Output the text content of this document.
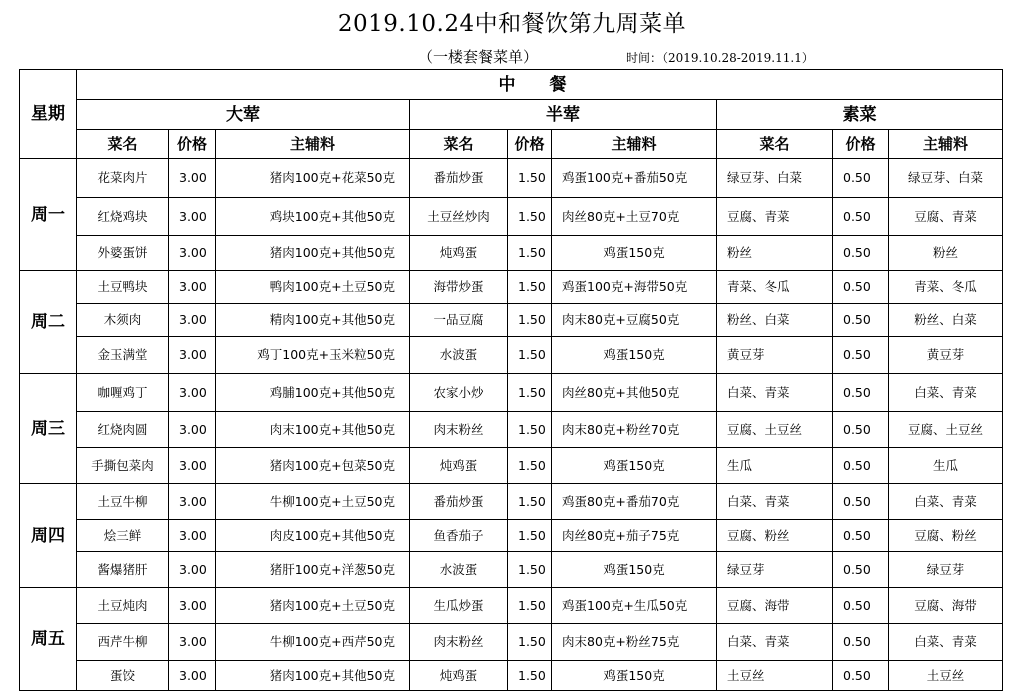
2019.10.24中和餐饮第九周菜单
（一楼套餐菜单）	时间：（2019.10.28-2019.11.1）
星期	中 餐								
	大荤			半荤			素菜		
	菜名	价格	主辅料	菜名	价格	主辅料	菜名	价格	主辅料
周一	花菜肉片	3.00	猪肉100克+花菜50克	番茄炒蛋	1.50	鸡蛋100克+番茄50克	绿豆芽、白菜	0.50	绿豆芽、白菜
	红烧鸡块	3.00	鸡块100克+其他50克	土豆丝炒肉	1.50	肉丝80克+土豆70克	豆腐、青菜	0.50	豆腐、青菜
	外婆蛋饼	3.00	猪肉100克+其他50克	炖鸡蛋	1.50	鸡蛋150克	粉丝	0.50	粉丝
周二	土豆鸭块	3.00	鸭肉100克+土豆50克	海带炒蛋	1.50	鸡蛋100克+海带50克	青菜、冬瓜	0.50	青菜、冬瓜
	木须肉	3.00	精肉100克+其他50克	一品豆腐	1.50	肉末80克+豆腐50克	粉丝、白菜	0.50	粉丝、白菜
	金玉满堂	3.00	鸡丁100克+玉米粒50克	水波蛋	1.50	鸡蛋150克	黄豆芽	0.50	黄豆芽
周三	咖喱鸡丁	3.00	鸡脯100克+其他50克	农家小炒	1.50	肉丝80克+其他50克	白菜、青菜	0.50	白菜、青菜
	红烧肉圆	3.00	肉末100克+其他50克	肉末粉丝	1.50	肉末80克+粉丝70克	豆腐、土豆丝	0.50	豆腐、土豆丝
	手撕包菜肉	3.00	猪肉100克+包菜50克	炖鸡蛋	1.50	鸡蛋150克	生瓜	0.50	生瓜
周四	土豆牛柳	3.00	牛柳100克+土豆50克	番茄炒蛋	1.50	鸡蛋80克+番茄70克	白菜、青菜	0.50	白菜、青菜
	烩三鲜	3.00	肉皮100克+其他50克	鱼香茄子	1.50	肉丝80克+茄子75克	豆腐、粉丝	0.50	豆腐、粉丝
	酱爆猪肝	3.00	猪肝100克+洋葱50克	水波蛋	1.50	鸡蛋150克	绿豆芽	0.50	绿豆芽
周五	土豆炖肉	3.00	猪肉100克+土豆50克	生瓜炒蛋	1.50	鸡蛋100克+生瓜50克	豆腐、海带	0.50	豆腐、海带
	西芹牛柳	3.00	牛柳100克+西芹50克	肉末粉丝	1.50	肉末80克+粉丝75克	白菜、青菜	0.50	白菜、青菜
	蛋饺	3.00	猪肉100克+其他50克	炖鸡蛋	1.50	鸡蛋150克	土豆丝	0.50	土豆丝
